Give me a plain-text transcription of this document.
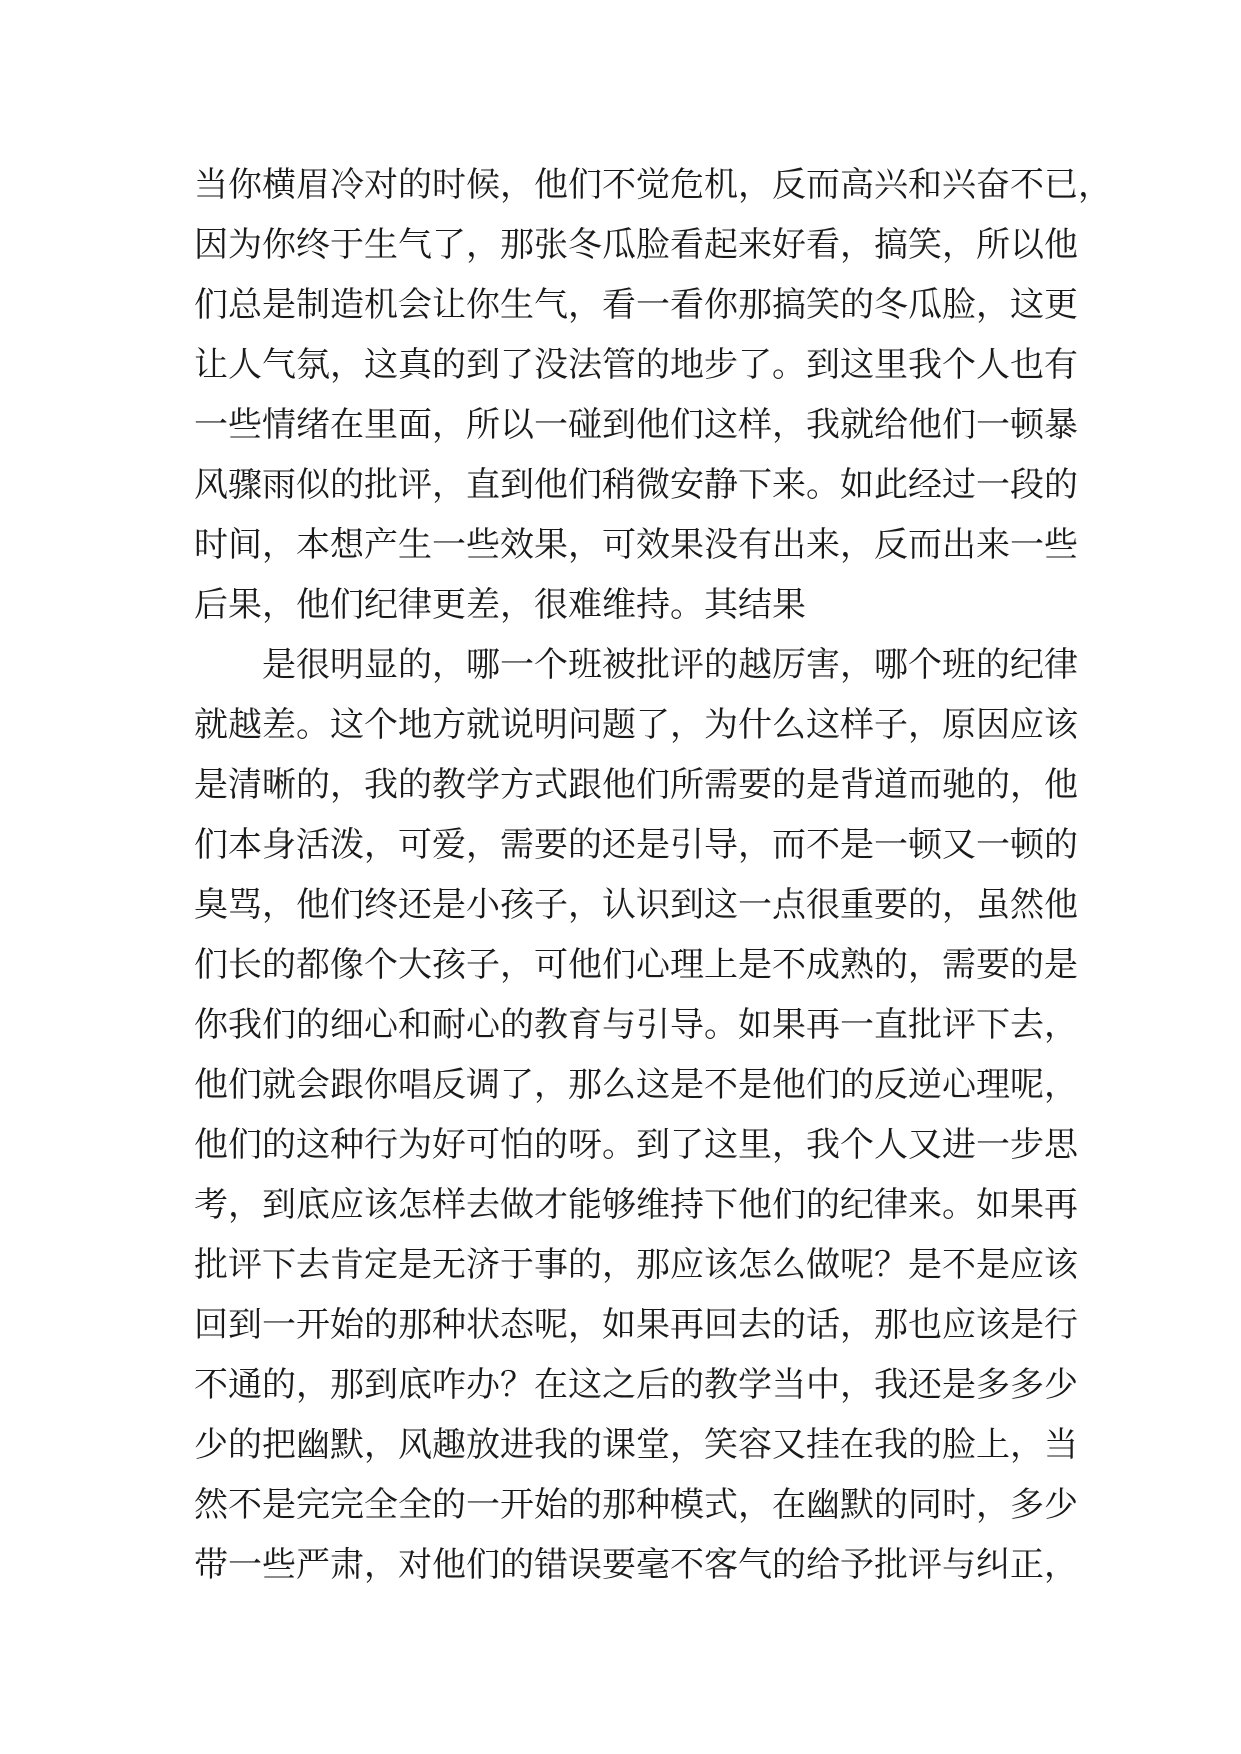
当你横眉冷对的时候，他们不觉危机，反而高兴和兴奋不已，
因为你终于生气了，那张冬瓜脸看起来好看，搞笑，所以他
们总是制造机会让你生气，看一看你那搞笑的冬瓜脸，这更
让人气氛，这真的到了没法管的地步了。到这里我个人也有
一些情绪在里面，所以一碰到他们这样，我就给他们一顿暴
风骤雨似的批评，直到他们稍微安静下来。如此经过一段的
时间，本想产生一些效果，可效果没有出来，反而出来一些
后果，他们纪律更差，很难维持。其结果
是很明显的，哪一个班被批评的越厉害，哪个班的纪律
就越差。这个地方就说明问题了，为什么这样子，原因应该
是清晰的，我的教学方式跟他们所需要的是背道而驰的，他
们本身活泼，可爱，需要的还是引导，而不是一顿又一顿的
臭骂，他们终还是小孩子，认识到这一点很重要的，虽然他
们长的都像个大孩子，可他们心理上是不成熟的，需要的是
你我们的细心和耐心的教育与引导。如果再一直批评下去，
他们就会跟你唱反调了，那么这是不是他们的反逆心理呢，
他们的这种行为好可怕的呀。到了这里，我个人又进一步思
考，到底应该怎样去做才能够维持下他们的纪律来。如果再
批评下去肯定是无济于事的，那应该怎么做呢？是不是应该
回到一开始的那种状态呢，如果再回去的话，那也应该是行
不通的，那到底咋办？在这之后的教学当中，我还是多多少
少的把幽默，风趣放进我的课堂，笑容又挂在我的脸上，当
然不是完完全全的一开始的那种模式，在幽默的同时，多少
带一些严肃，对他们的错误要毫不客气的给予批评与纠正，
